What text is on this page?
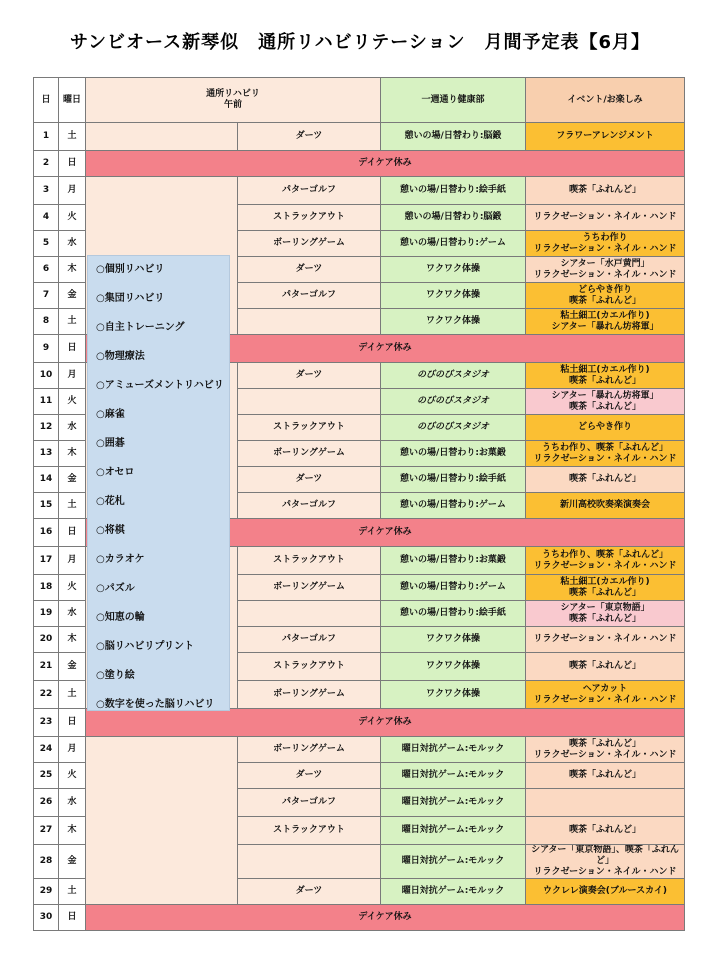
サンビオース新琴似　通所リハビリテーション　月間予定表【6月】
日	曜日	通所リハビリ
午前		一週通り健康部	イベント/お楽しみ
1	土		ダーツ	憩いの場/日替わり:脳鍛	フラワーアレンジメント
2	日	デイケア休み			
3	月		パターゴルフ	憩いの場/日替わり:絵手紙	喫茶「ふれんど」
4	火		ストラックアウト	憩いの場/日替わり:脳鍛	リラクゼーション・ネイル・ハンド
5	水		ボーリングゲーム	憩いの場/日替わり:ゲーム	うちわ作り
リラクゼーション・ネイル・ハンド
6	木		ダーツ	ワクワク体操	シアター「水戸黄門」
リラクゼーション・ネイル・ハンド
7	金		パターゴルフ	ワクワク体操	どらやき作り
喫茶「ふれんど」
8	土			ワクワク体操	粘土細工(カエル作り)
シアター「暴れん坊将軍」
9	日	デイケア休み			
10	月		ダーツ	のびのびスタジオ	粘土細工(カエル作り)
喫茶「ふれんど」
11	火			のびのびスタジオ	シアター「暴れん坊将軍」
喫茶「ふれんど」
12	水		ストラックアウト	のびのびスタジオ	どらやき作り
13	木		ボーリングゲーム	憩いの場/日替わり:お菓鍛	うちわ作り、喫茶「ふれんど」
リラクゼーション・ネイル・ハンド
14	金		ダーツ	憩いの場/日替わり:絵手紙	喫茶「ふれんど」
15	土		パターゴルフ	憩いの場/日替わり:ゲーム	新川高校吹奏楽演奏会
16	日	デイケア休み			
17	月		ストラックアウト	憩いの場/日替わり:お菓鍛	うちわ作り、喫茶「ふれんど」
リラクゼーション・ネイル・ハンド
18	火		ボーリングゲーム	憩いの場/日替わり:ゲーム	粘土細工(カエル作り)
喫茶「ふれんど」
19	水			憩いの場/日替わり:絵手紙	シアター「東京物語」
喫茶「ふれんど」
20	木		パターゴルフ	ワクワク体操	リラクゼーション・ネイル・ハンド
21	金		ストラックアウト	ワクワク体操	喫茶「ふれんど」
22	土		ボーリングゲーム	ワクワク体操	ヘアカット
リラクゼーション・ネイル・ハンド
23	日	デイケア休み			
24	月		ボーリングゲーム	曜日対抗ゲーム:モルック	喫茶「ふれんど」
リラクゼーション・ネイル・ハンド
25	火		ダーツ	曜日対抗ゲーム:モルック	喫茶「ふれんど」
26	水		パターゴルフ	曜日対抗ゲーム:モルック	
27	木		ストラックアウト	曜日対抗ゲーム:モルック	喫茶「ふれんど」
28	金			曜日対抗ゲーム:モルック	シアター「東京物語」、喫茶「ふれんど」
リラクゼーション・ネイル・ハンド
29	土		ダーツ	曜日対抗ゲーム:モルック	ウクレレ演奏会(ブルースカイ)
30	日	デイケア休み			
○個別リハビリ
○集団リハビリ
○自主トレーニング
○物理療法
○アミューズメントリハビリ
○麻雀
○囲碁
○オセロ
○花札
○将棋
○カラオケ
○パズル
○知恵の輪
○脳リハビリプリント
○塗り絵
○数字を使った脳リハビリ
